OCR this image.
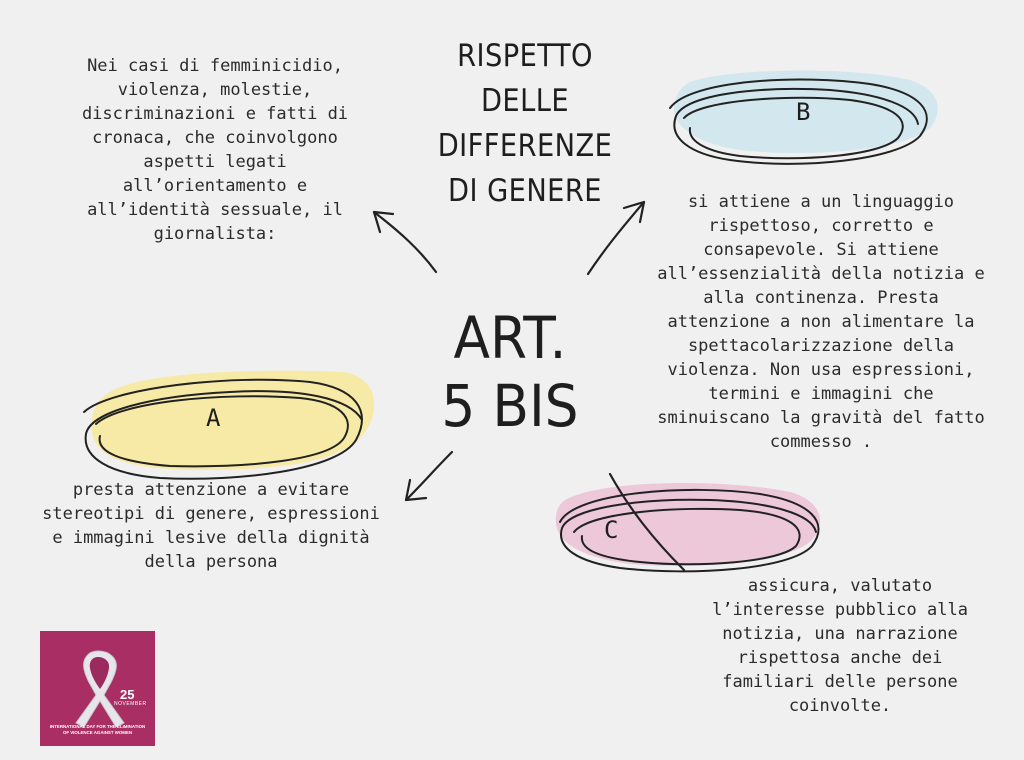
RISPETTO
DELLE
DIFFERENZE
DI GENERE
ART.
5 BIS
Nei casi di femminicidio,
violenza, molestie,
discriminazioni e fatti di
cronaca, che coinvolgono
aspetti legati
all’orientamento e
all’identità sessuale, il
giornalista:
B
si attiene a un linguaggio
rispettoso, corretto e
consapevole. Si attiene
all’essenzialità della notizia e
alla continenza. Presta
attenzione a non alimentare la
spettacolarizzazione della
violenza. Non usa espressioni,
termini e immagini che
sminuiscano la gravità del fatto
commesso .
A
presta attenzione a evitare
stereotipi di genere, espressioni
e immagini lesive della dignità
della persona
C
assicura, valutato
l’interesse pubblico alla
notizia, una narrazione
rispettosa anche dei
familiari delle persone
coinvolte.
25
NOVEMBER
INTERNATIONAL DAY FOR THE ELIMINATION
OF VIOLENCE AGAINST WOMEN
